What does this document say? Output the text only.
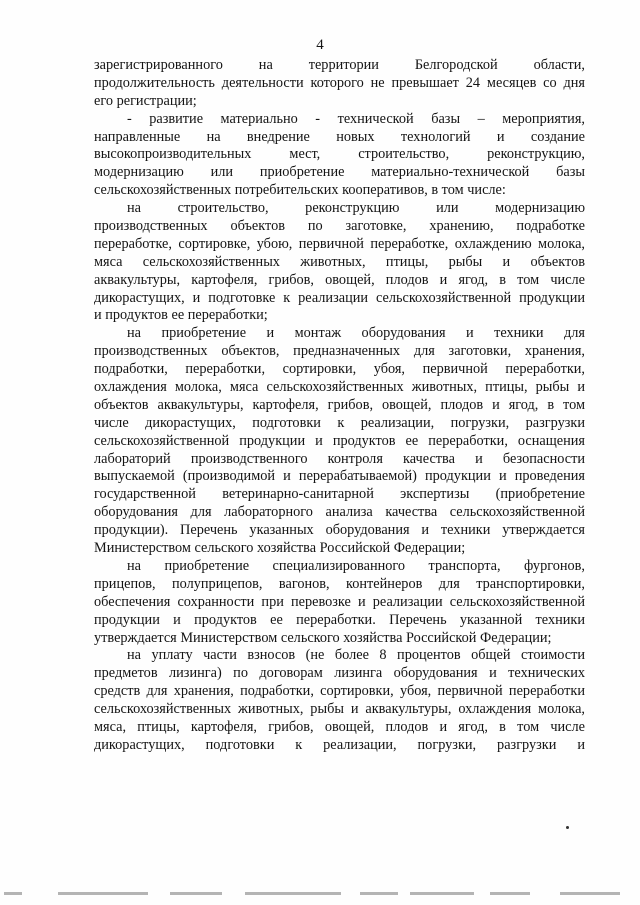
4
зарегистрированного на территории Белгородской области,
продолжительность деятельности которого не превышает 24 месяцев со дня
его регистрации;
- развитие материально - технической базы – мероприятия,
направленные на внедрение новых технологий и создание
высокопроизводительных мест, строительство, реконструкцию,
модернизацию или приобретение материально-технической базы
сельскохозяйственных потребительских кооперативов, в том числе:
на строительство, реконструкцию или модернизацию
производственных объектов по заготовке, хранению, подработке
переработке, сортировке, убою, первичной переработке, охлаждению молока,
мяса сельскохозяйственных животных, птицы, рыбы и объектов
аквакультуры, картофеля, грибов, овощей, плодов и ягод, в том числе
дикорастущих, и подготовке к реализации сельскохозяйственной продукции
и продуктов ее переработки;
на приобретение и монтаж оборудования и техники для
производственных объектов, предназначенных для заготовки, хранения,
подработки, переработки, сортировки, убоя, первичной переработки,
охлаждения молока, мяса сельскохозяйственных животных, птицы, рыбы и
объектов аквакультуры, картофеля, грибов, овощей, плодов и ягод, в том
числе дикорастущих, подготовки к реализации, погрузки, разгрузки
сельскохозяйственной продукции и продуктов ее переработки, оснащения
лабораторий производственного контроля качества и безопасности
выпускаемой (производимой и перерабатываемой) продукции и проведения
государственной ветеринарно-санитарной экспертизы (приобретение
оборудования для лабораторного анализа качества сельскохозяйственной
продукции). Перечень указанных оборудования и техники утверждается
Министерством сельского хозяйства Российской Федерации;
на приобретение специализированного транспорта, фургонов,
прицепов, полуприцепов, вагонов, контейнеров для транспортировки,
обеспечения сохранности при перевозке и реализации сельскохозяйственной
продукции и продуктов ее переработки. Перечень указанной техники
утверждается Министерством сельского хозяйства Российской Федерации;
на уплату части взносов (не более 8 процентов общей стоимости
предметов лизинга) по договорам лизинга оборудования и технических
средств для хранения, подработки, сортировки, убоя, первичной переработки
сельскохозяйственных животных, рыбы и аквакультуры, охлаждения молока,
мяса, птицы, картофеля, грибов, овощей, плодов и ягод, в том числе
дикорастущих, подготовки к реализации, погрузки, разгрузки и
